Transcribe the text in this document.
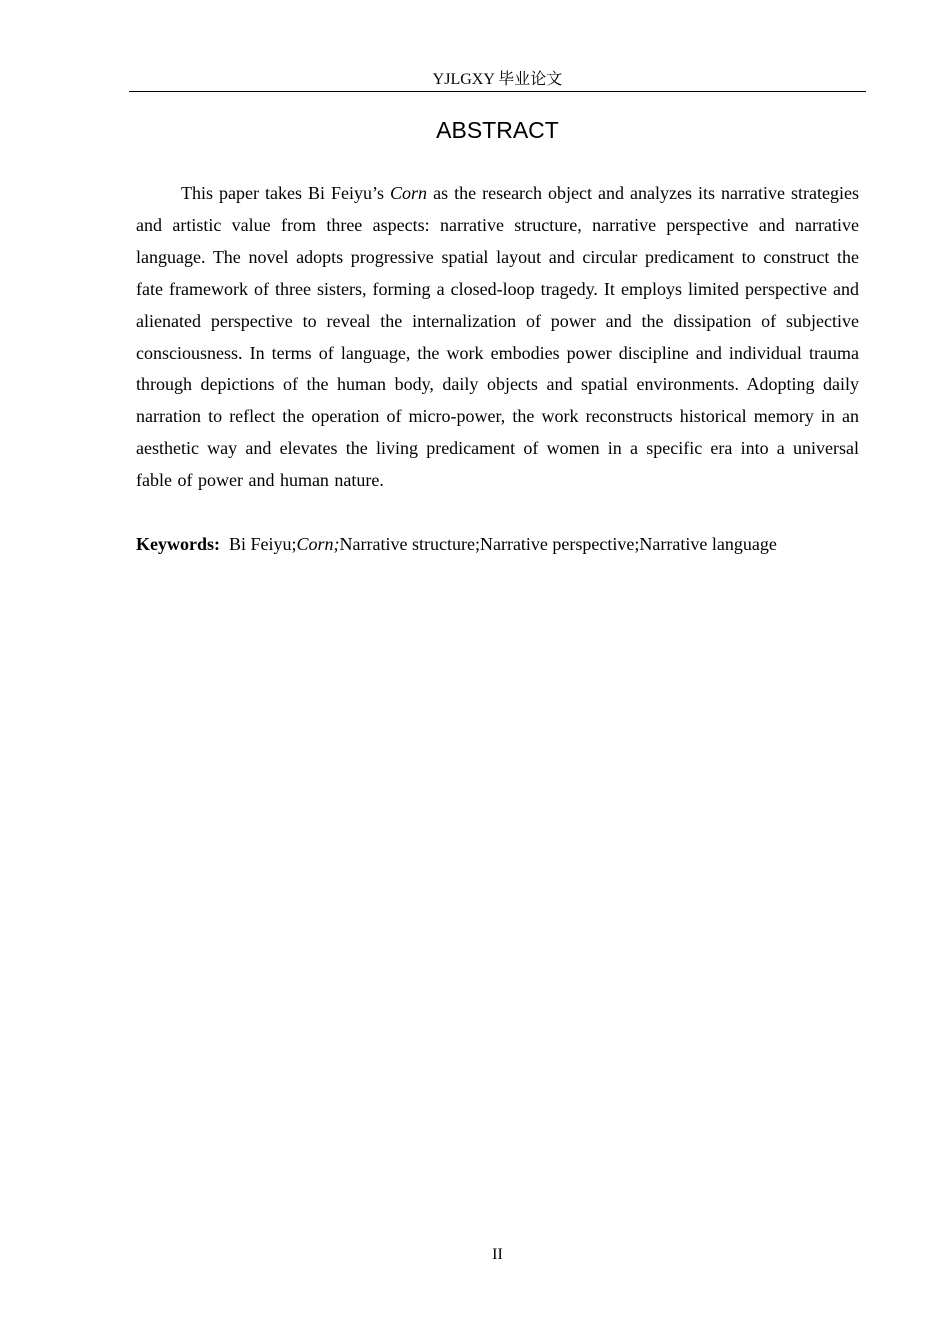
YJLGXY 毕业论文
ABSTRACT

This paper takes Bi Feiyu’s Corn as the research object and analyzes its narrative strategies and artistic value from three aspects: narrative structure, narrative perspective and narrative language. The novel adopts progressive spatial layout and circular predicament to construct the fate framework of three sisters, forming a closed-loop tragedy. It employs limited perspective and alienated perspective to reveal the internalization of power and the dissipation of subjective consciousness. In terms of language, the work embodies power discipline and individual trauma through depictions of the human body, daily objects and spatial environments. Adopting daily narration to reflect the operation of micro-power, the work reconstructs historical memory in an aesthetic way and elevates the living predicament of women in a specific era into a universal fable of power and human nature.

Keywords: Bi Feiyu;Corn;Narrative structure;Narrative perspective;Narrative language

II
